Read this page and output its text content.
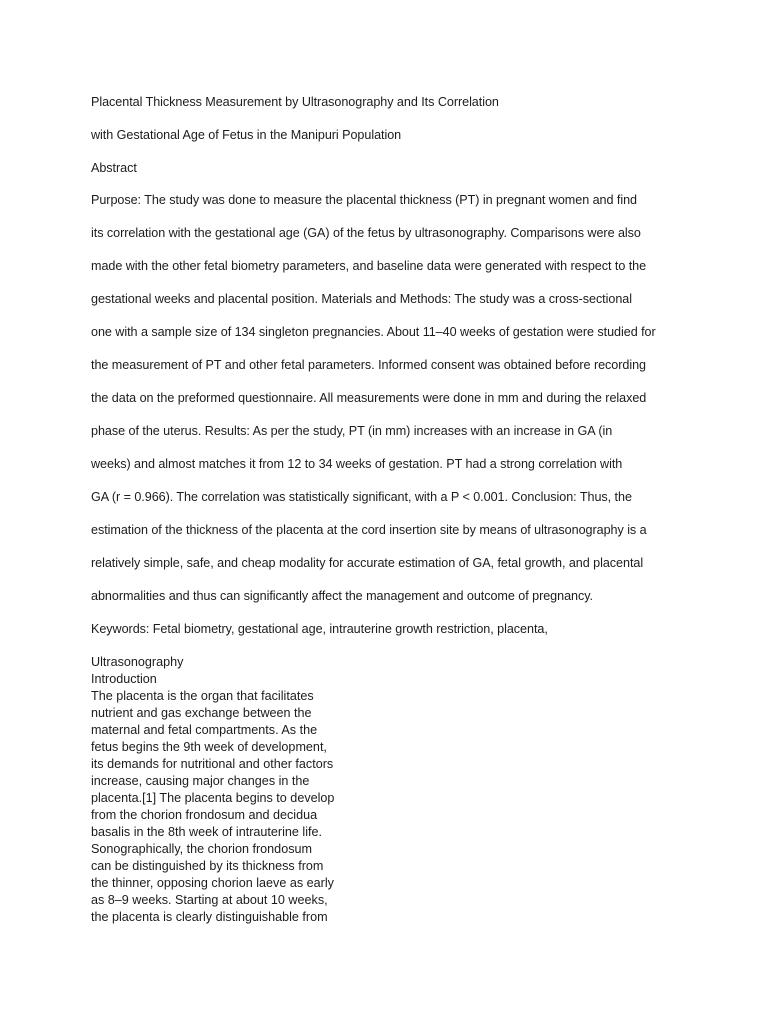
Placental Thickness Measurement by Ultrasonography and Its Correlation
with Gestational Age of Fetus in the Manipuri Population
Abstract
Purpose: The study was done to measure the placental thickness (PT) in pregnant women and find
its correlation with the gestational age (GA) of the fetus by ultrasonography. Comparisons were also
made with the other fetal biometry parameters, and baseline data were generated with respect to the
gestational weeks and placental position. Materials and Methods: The study was a cross-sectional
one with a sample size of 134 singleton pregnancies. About 11–40 weeks of gestation were studied for
the measurement of PT and other fetal parameters. Informed consent was obtained before recording
the data on the preformed questionnaire. All measurements were done in mm and during the relaxed
phase of the uterus. Results: As per the study, PT (in mm) increases with an increase in GA (in
weeks) and almost matches it from 12 to 34 weeks of gestation. PT had a strong correlation with
GA (r = 0.966). The correlation was statistically significant, with a P < 0.001. Conclusion: Thus, the
estimation of the thickness of the placenta at the cord insertion site by means of ultrasonography is a
relatively simple, safe, and cheap modality for accurate estimation of GA, fetal growth, and placental
abnormalities and thus can significantly affect the management and outcome of pregnancy.
Keywords: Fetal biometry, gestational age, intrauterine growth restriction, placenta,
Ultrasonography
Introduction
The placenta is the organ that facilitates
nutrient and gas exchange between the
maternal and fetal compartments. As the
fetus begins the 9th week of development,
its demands for nutritional and other factors
increase, causing major changes in the
placenta.[1] The placenta begins to develop
from the chorion frondosum and decidua
basalis in the 8th week of intrauterine life.
Sonographically, the chorion frondosum
can be distinguished by its thickness from
the thinner, opposing chorion laeve as early
as 8–9 weeks. Starting at about 10 weeks,
the placenta is clearly distinguishable from
